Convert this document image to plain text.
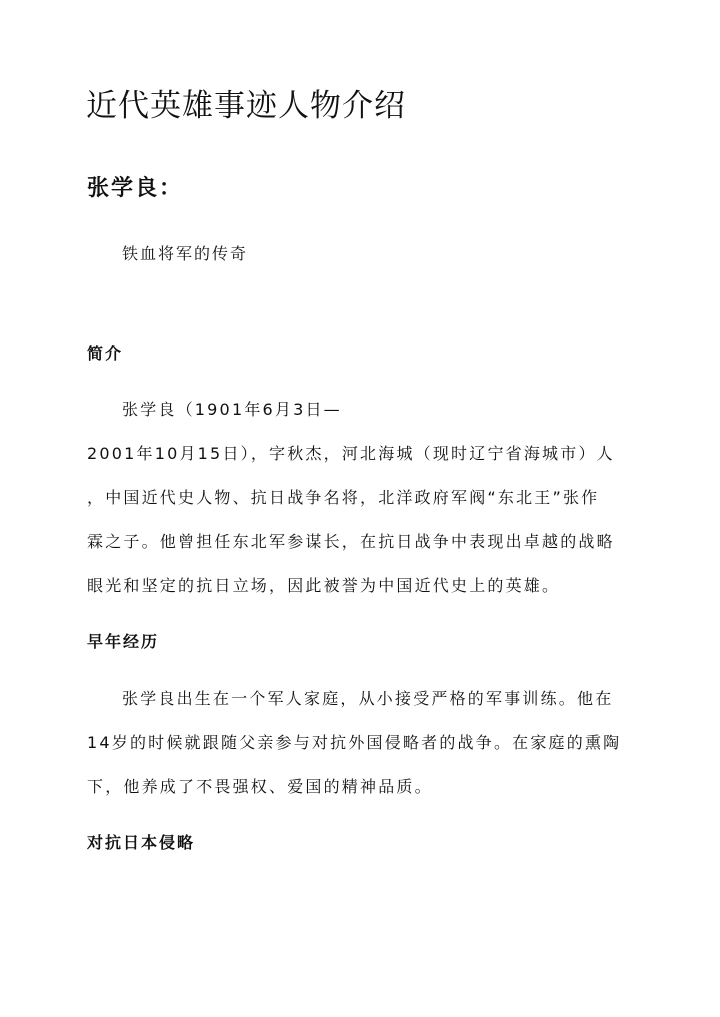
近代英雄事迹人物介绍
张学良：
铁血将军的传奇
简介
张学良（1901年6月3日—
2001年10月15日），字秋杰，河北海城（现时辽宁省海城市）人
，中国近代史人物、抗日战争名将，北洋政府军阀“东北王”张作
霖之子。他曾担任东北军参谋长，在抗日战争中表现出卓越的战略
眼光和坚定的抗日立场，因此被誉为中国近代史上的英雄。
早年经历
张学良出生在一个军人家庭，从小接受严格的军事训练。他在
14岁的时候就跟随父亲参与对抗外国侵略者的战争。在家庭的熏陶
下，他养成了不畏强权、爱国的精神品质。
对抗日本侵略
